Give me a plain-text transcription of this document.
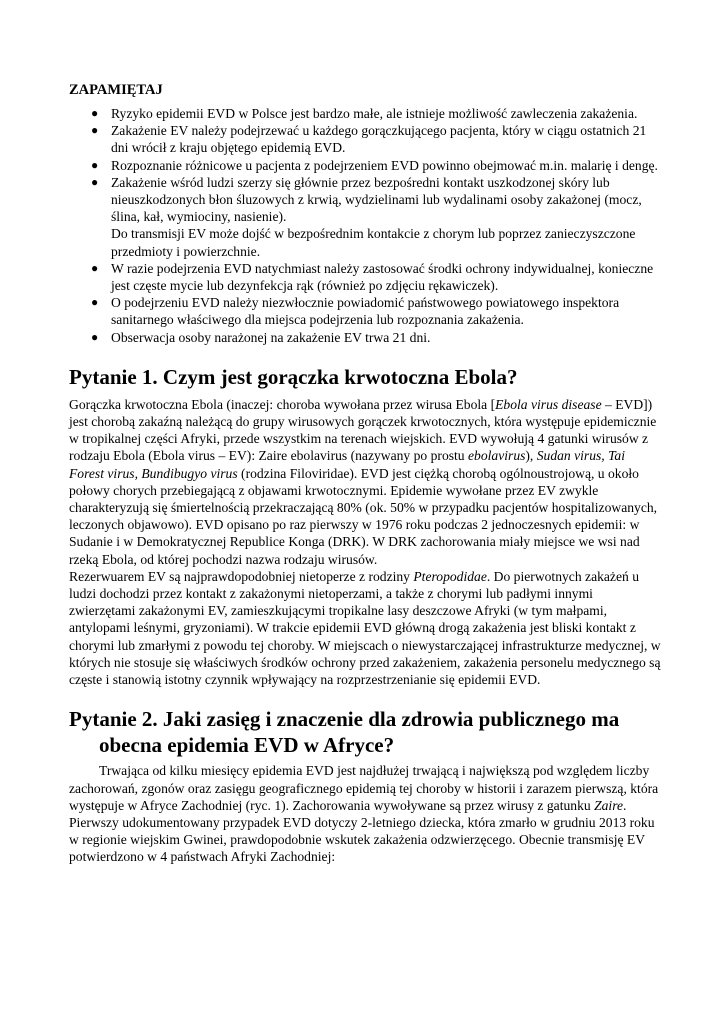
ZAPAMIĘTAJ
● Ryzyko epidemii EVD w Polsce jest bardzo małe, ale istnieje możliwość zawleczenia zakażenia.
● Zakażenie EV należy podejrzewać u każdego gorączkującego pacjenta, który w ciągu ostatnich 21 dni wrócił z kraju objętego epidemią EVD.
● Rozpoznanie różnicowe u pacjenta z podejrzeniem EVD powinno obejmować m.in. malarię i dengę.
● Zakażenie wśród ludzi szerzy się głównie przez bezpośredni kontakt uszkodzonej skóry lub nieuszkodzonych błon śluzowych z krwią, wydzielinami lub wydalinami osoby zakażonej (mocz, ślina, kał, wymiociny, nasienie).
Do transmisji EV może dojść w bezpośrednim kontakcie z chorym lub poprzez zanieczyszczone przedmioty i powierzchnie.
● W razie podejrzenia EVD natychmiast należy zastosować środki ochrony indywidualnej, konieczne jest częste mycie lub dezynfekcja rąk (również po zdjęciu rękawiczek).
● O podejrzeniu EVD należy niezwłocznie powiadomić państwowego powiatowego inspektora sanitarnego właściwego dla miejsca podejrzenia lub rozpoznania zakażenia.
● Obserwacja osoby narażonej na zakażenie EV trwa 21 dni.
Pytanie 1. Czym jest gorączka krwotoczna Ebola?

Gorączka krwotoczna Ebola (inaczej: choroba wywołana przez wirusa Ebola [Ebola virus disease – EVD]) jest chorobą zakaźną należącą do grupy wirusowych gorączek krwotocznych, która występuje epidemicznie w tropikalnej części Afryki, przede wszystkim na terenach wiejskich. EVD wywołują 4 gatunki wirusów z rodzaju Ebola (Ebola virus – EV): Zaire ebolavirus (nazywany po prostu ebolavirus), Sudan virus, Tai Forest virus, Bundibugyo virus (rodzina Filoviridae). EVD jest ciężką chorobą ogólnoustrojową, u około połowy chorych przebiegającą z objawami krwotocznymi. Epidemie wywołane przez EV zwykle charakteryzują się śmiertelnością przekraczającą 80% (ok. 50% w przypadku pacjentów hospitalizowanych, leczonych objawowo). EVD opisano po raz pierwszy w 1976 roku podczas 2 jednoczesnych epidemii: w Sudanie i w Demokratycznej Republice Konga (DRK). W DRK zachorowania miały miejsce we wsi nad rzeką Ebola, od której pochodzi nazwa rodzaju wirusów.

Rezerwuarem EV są najprawdopodobniej nietoperze z rodziny Pteropodidae. Do pierwotnych zakażeń u ludzi dochodzi przez kontakt z zakażonymi nietoperzami, a także z chorymi lub padłymi innymi zwierzętami zakażonymi EV, zamieszkującymi tropikalne lasy deszczowe Afryki (w tym małpami, antylopami leśnymi, gryzoniami). W trakcie epidemii EVD główną drogą zakażenia jest bliski kontakt z chorymi lub zmarłymi z powodu tej choroby. W miejscach o niewystarczającej infrastrukturze medycznej, w których nie stosuje się właściwych środków ochrony przed zakażeniem, zakażenia personelu medycznego są częste i stanowią istotny czynnik wpływający na rozprzestrzenianie się epidemii EVD.

Pytanie 2. Jaki zasięg i znaczenie dla zdrowia publicznego ma obecna epidemia EVD w Afryce?

Trwająca od kilku miesięcy epidemia EVD jest najdłużej trwającą i największą pod względem liczby zachorowań, zgonów oraz zasięgu geograficznego epidemią tej choroby w historii i zarazem pierwszą, która występuje w Afryce Zachodniej (ryc. 1). Zachorowania wywoływane są przez wirusy z gatunku Zaire. Pierwszy udokumentowany przypadek EVD dotyczy 2-letniego dziecka, która zmarło w grudniu 2013 roku w regionie wiejskim Gwinei, prawdopodobnie wskutek zakażenia odzwierzęcego. Obecnie transmisję EV potwierdzono w 4 państwach Afryki Zachodniej:
